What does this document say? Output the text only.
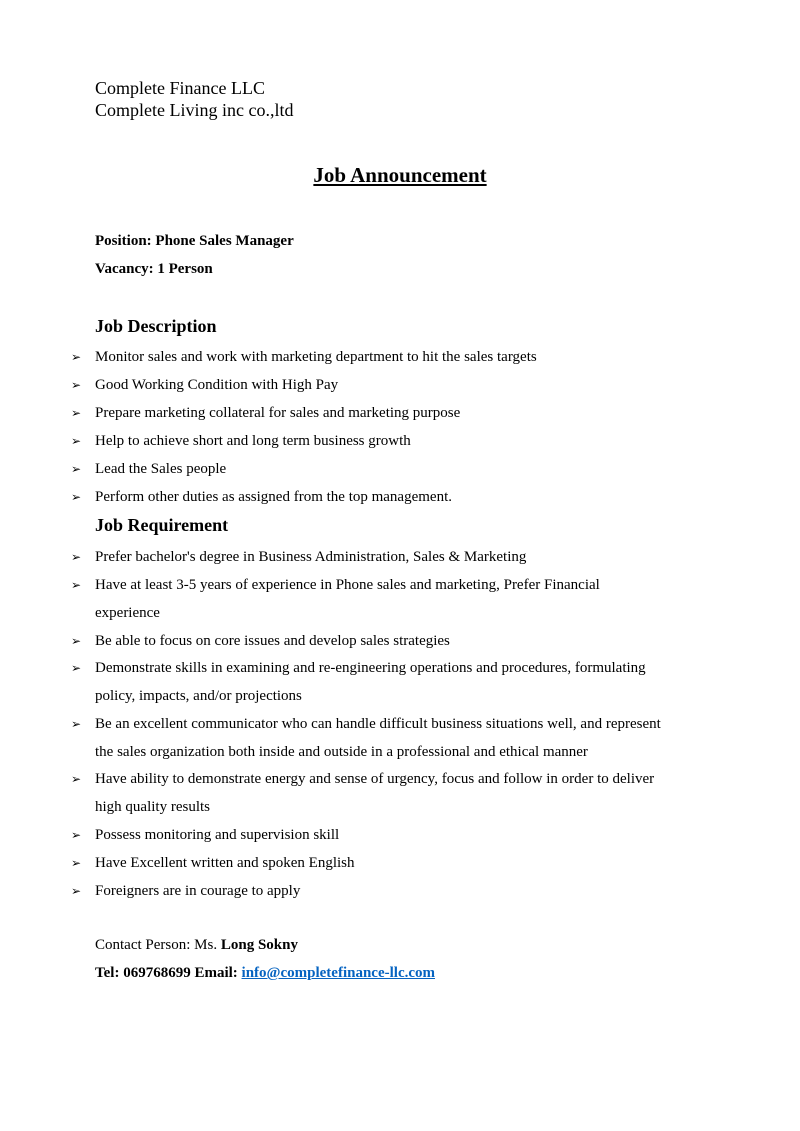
Complete Finance LLC
Complete Living inc co.,ltd
Job Announcement
Position: Phone Sales Manager
Vacancy: 1 Person
Job Description
➢ Monitor sales and work with marketing department to hit the sales targets
➢ Good Working Condition with High Pay
➢ Prepare marketing collateral for sales and marketing purpose
➢ Help to achieve short and long term business growth
➢ Lead the Sales people
➢ Perform other duties as assigned from the top management.
Job Requirement
➢ Prefer bachelor's degree in Business Administration, Sales & Marketing
➢ Have at least 3-5 years of experience in Phone sales and marketing, Prefer Financial
experience
➢ Be able to focus on core issues and develop sales strategies
➢ Demonstrate skills in examining and re-engineering operations and procedures, formulating
policy, impacts, and/or projections
➢ Be an excellent communicator who can handle difficult business situations well, and represent
the sales organization both inside and outside in a professional and ethical manner
➢ Have ability to demonstrate energy and sense of urgency, focus and follow in order to deliver
high quality results
➢ Possess monitoring and supervision skill
➢ Have Excellent written and spoken English
➢ Foreigners are in courage to apply
Contact Person: Ms. Long Sokny
Tel: 069768699 Email: info@completefinance-llc.com
